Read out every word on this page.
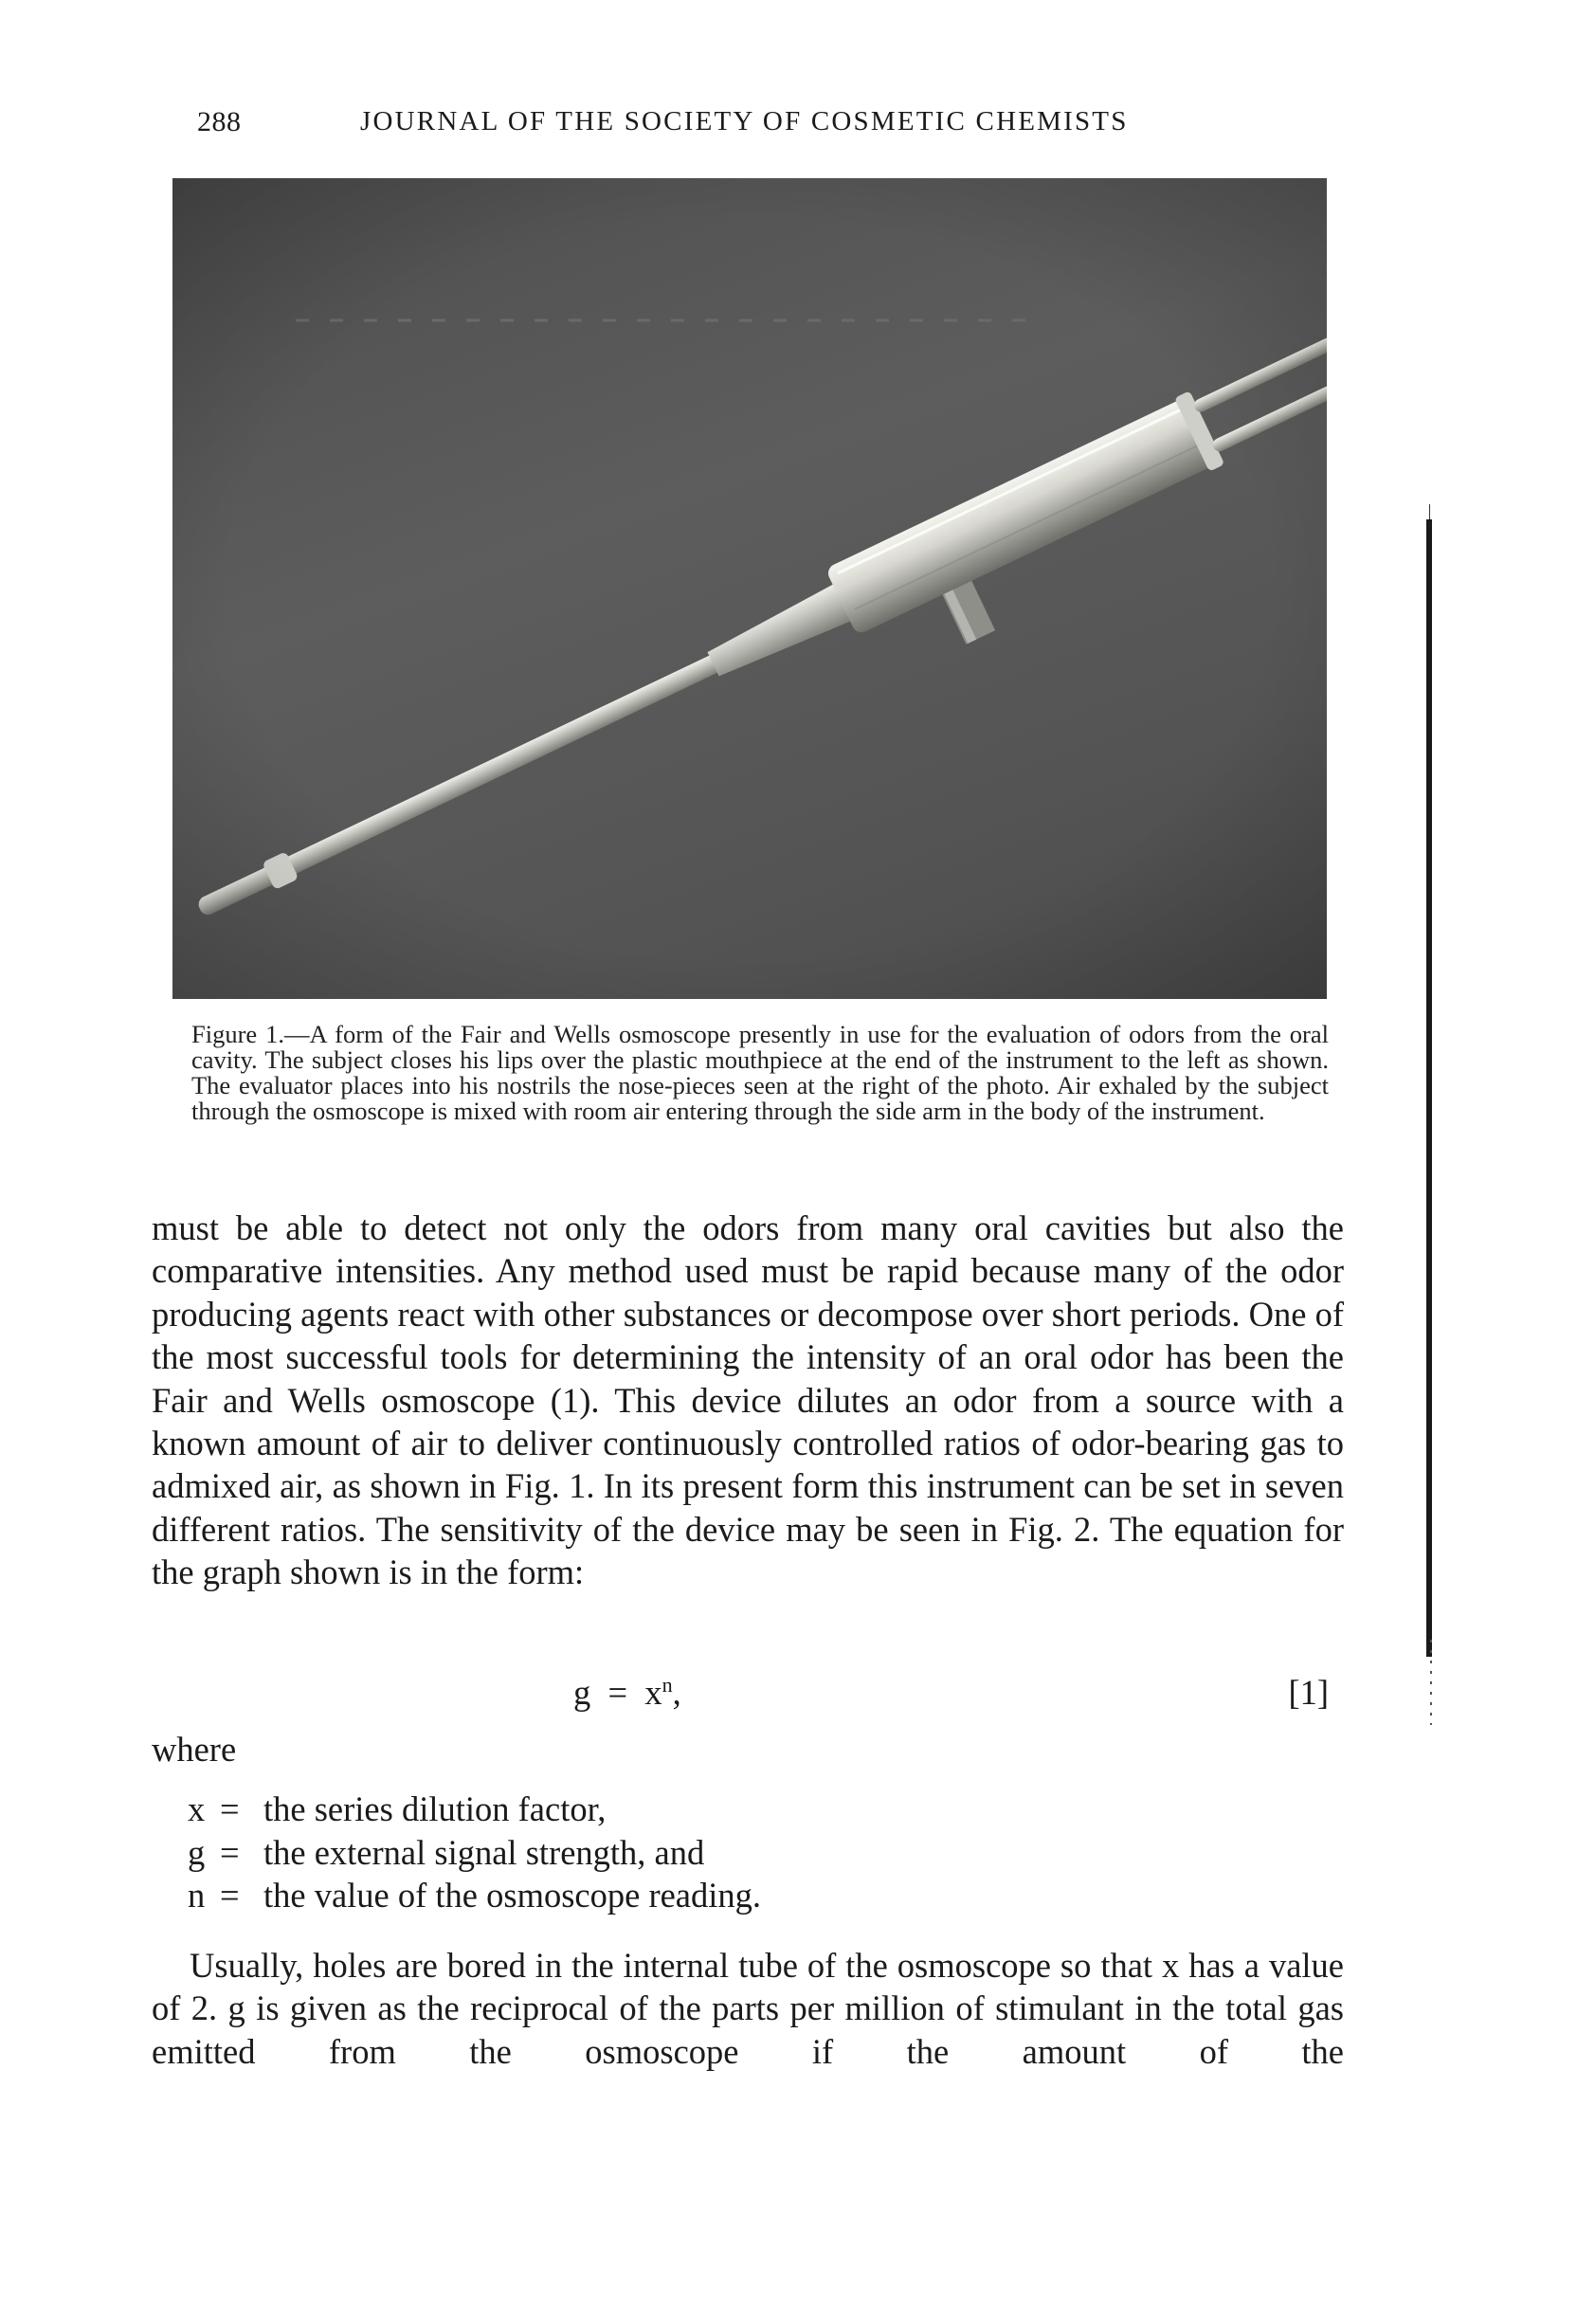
288	JOURNAL OF THE SOCIETY OF COSMETIC CHEMISTS
Figure 1.—A form of the Fair and Wells osmoscope presently in use for the evaluation of odors from the oral cavity. The subject closes his lips over the plastic mouthpiece at the end of the instrument to the left as shown. The evaluator places into his nostrils the nose-pieces seen at the right of the photo. Air exhaled by the subject through the osmoscope is mixed with room air entering through the side arm in the body of the instrument.
must be able to detect not only the odors from many oral cavities but also the comparative intensities. Any method used must be rapid because many of the odor producing agents react with other substances or decompose over short periods. One of the most successful tools for determining the intensity of an oral odor has been the Fair and Wells osmoscope (1). This device dilutes an odor from a source with a known amount of air to deliver continuously controlled ratios of odor-bearing gas to admixed air, as shown in Fig. 1. In its present form this instrument can be set in seven different ratios. The sensitivity of the device may be seen in Fig. 2. The equation for the graph shown is in the form:
$g = x^n$,	[1]
where
x = the series dilution factor,
g = the external signal strength, and
n = the value of the osmoscope reading.
Usually, holes are bored in the internal tube of the osmoscope so that x has a value of 2. g is given as the reciprocal of the parts per million of stimulant in the total gas emitted from the osmoscope if the amount of the
